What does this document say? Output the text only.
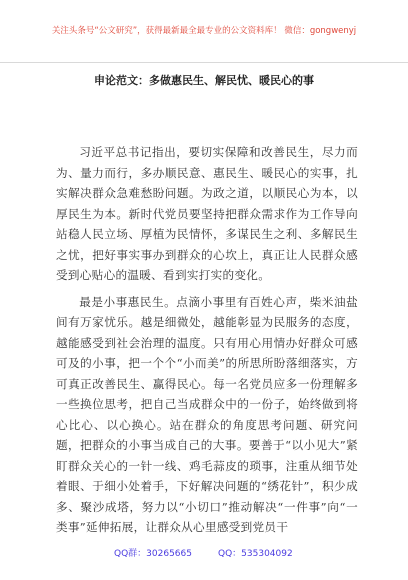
关注头条号“公文研究”，获得最新最全最专业的公文资料库！ 微信：gongwenyj
申论范文：多做惠民生、解民忧、暖民心的事

习近平总书记指出，要切实保障和改善民生，尽力而为、量力而行，多办顺民意、惠民生、暖民心的实事，扎实解决群众急难愁盼问题。为政之道，以顺民心为本，以厚民生为本。新时代党员要坚持把群众需求作为工作导向站稳人民立场、厚植为民情怀，多谋民生之利、多解民生之忧，把好事实事办到群众的心坎上，真正让人民群众感受到心贴心的温暖、看到实打实的变化。

最是小事惠民生。点滴小事里有百姓心声，柴米油盐间有万家忧乐。越是细微处，越能彰显为民服务的态度，越能感受到社会治理的温度。只有用心用情办好群众可感可及的小事，把一个个“小而美”的所思所盼落细落实，方可真正改善民生、赢得民心。每一名党员应多一份理解多一些换位思考，把自己当成群众中的一份子，始终做到将心比心、以心换心。站在群众的角度思考问题、研究问题，把群众的小事当成自己的大事。要善于“以小见大”紧盯群众关心的一针一线、鸡毛蒜皮的琐事，注重从细节处着眼、于细小处着手，下好解决问题的“绣花针”，积少成多、聚沙成塔，努力以“小切口”推动解决“一件事”向“一类事”延伸拓展，让群众从心里感受到党员干

QQ群：30265665	QQ：535304092
